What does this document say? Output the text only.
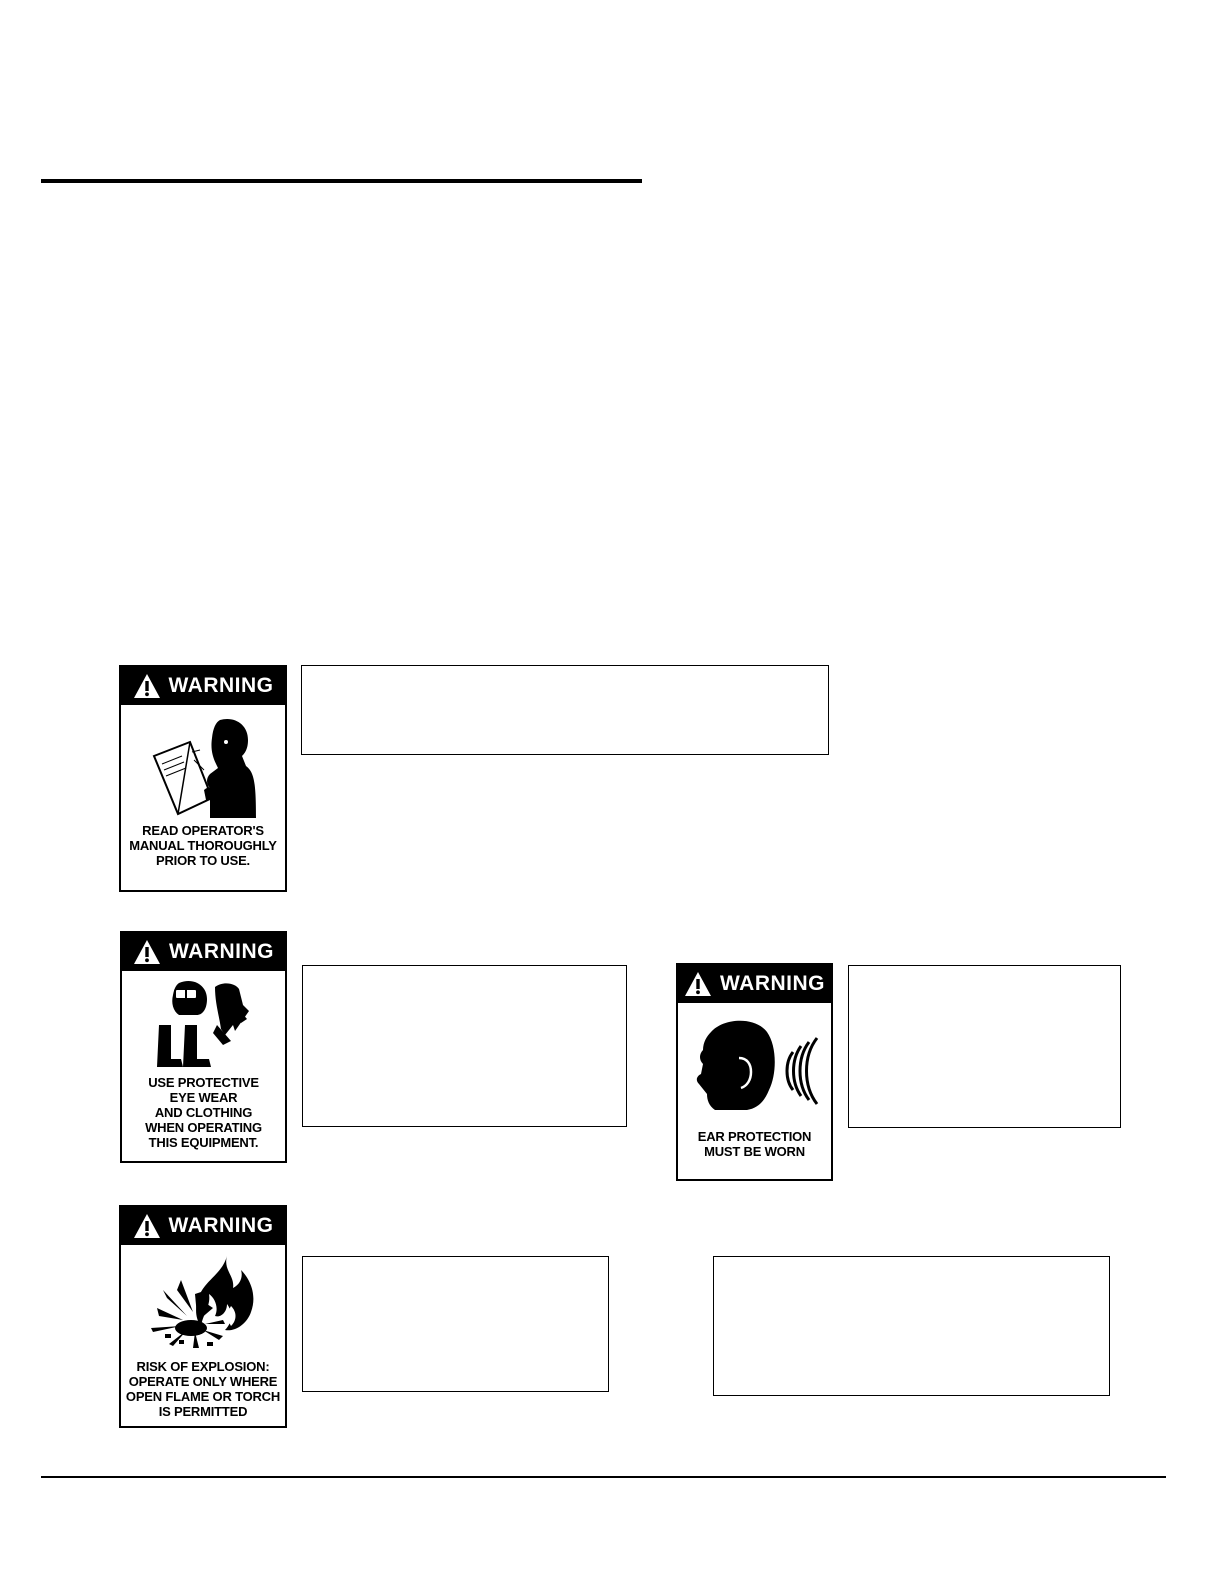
WARNING
READ OPERATOR'S
MANUAL THOROUGHLY
PRIOR TO USE.
WARNING
USE PROTECTIVE
EYE WEAR
AND CLOTHING
WHEN OPERATING
THIS EQUIPMENT.
WARNING
EAR PROTECTION
MUST BE WORN
WARNING
RISK OF EXPLOSION:
OPERATE ONLY WHERE
OPEN FLAME OR TORCH
IS PERMITTED
